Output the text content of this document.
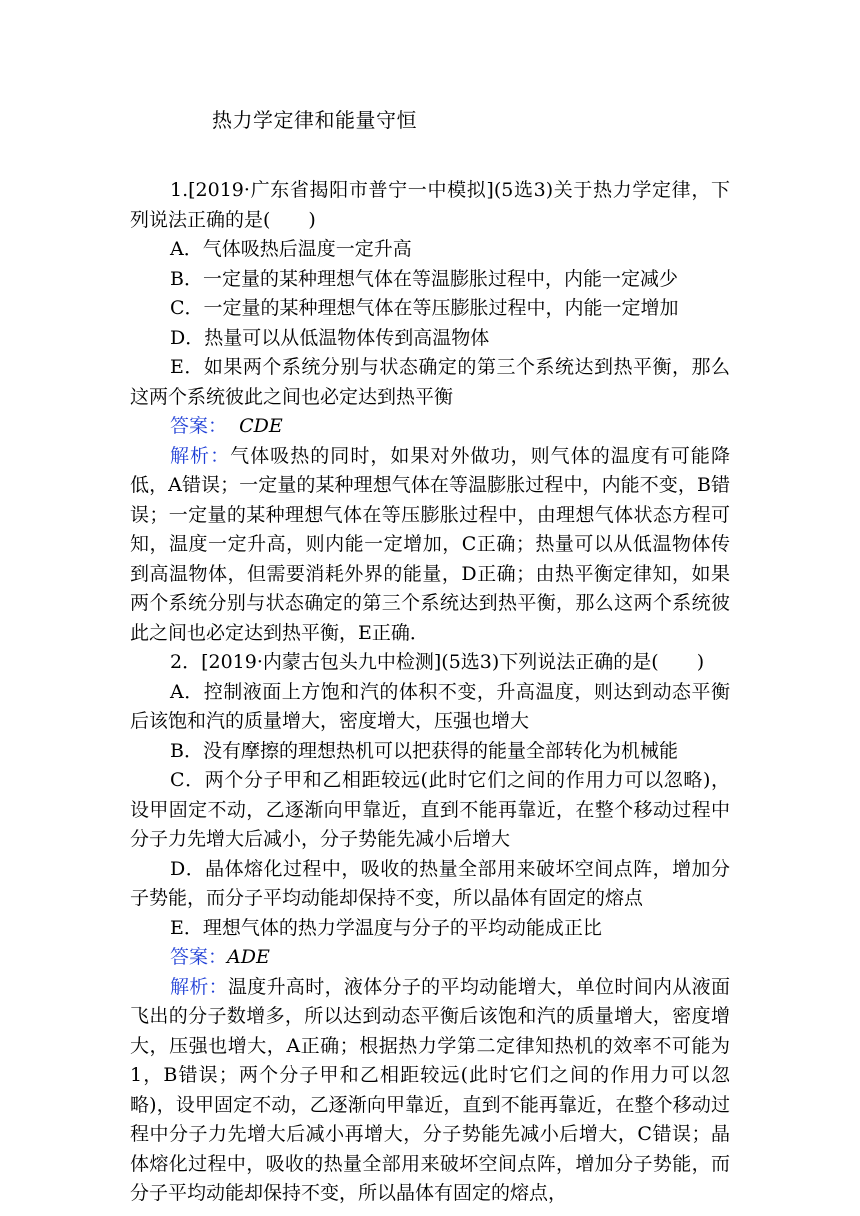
热力学定律和能量守恒

1.[2019·广东省揭阳市普宁一中模拟](5选3)关于热力学定律，下列说法正确的是(　　)

A．气体吸热后温度一定升高

B．一定量的某种理想气体在等温膨胀过程中，内能一定减少

C．一定量的某种理想气体在等压膨胀过程中，内能一定增加

D．热量可以从低温物体传到高温物体

E．如果两个系统分别与状态确定的第三个系统达到热平衡，那么这两个系统彼此之间也必定达到热平衡

答案： CDE

解析：气体吸热的同时，如果对外做功，则气体的温度有可能降低，A错误；一定量的某种理想气体在等温膨胀过程中，内能不变，B错误；一定量的某种理想气体在等压膨胀过程中，由理想气体状态方程可知，温度一定升高，则内能一定增加，C正确；热量可以从低温物体传到高温物体，但需要消耗外界的能量，D正确；由热平衡定律知，如果两个系统分别与状态确定的第三个系统达到热平衡，那么这两个系统彼此之间也必定达到热平衡，E正确．

2．[2019·内蒙古包头九中检测](5选3)下列说法正确的是(　　)

A．控制液面上方饱和汽的体积不变，升高温度，则达到动态平衡后该饱和汽的质量增大，密度增大，压强也增大

B．没有摩擦的理想热机可以把获得的能量全部转化为机械能

C．两个分子甲和乙相距较远(此时它们之间的作用力可以忽略)，设甲固定不动，乙逐渐向甲靠近，直到不能再靠近，在整个移动过程中分子力先增大后减小，分子势能先减小后增大

D．晶体熔化过程中，吸收的热量全部用来破坏空间点阵，增加分子势能，而分子平均动能却保持不变，所以晶体有固定的熔点

E．理想气体的热力学温度与分子的平均动能成正比

答案：ADE

解析：温度升高时，液体分子的平均动能增大，单位时间内从液面飞出的分子数增多，所以达到动态平衡后该饱和汽的质量增大，密度增大，压强也增大，A正确；根据热力学第二定律知热机的效率不可能为1，B错误；两个分子甲和乙相距较远(此时它们之间的作用力可以忽略)，设甲固定不动，乙逐渐向甲靠近，直到不能再靠近，在整个移动过程中分子力先增大后减小再增大，分子势能先减小后增大，C错误；晶体熔化过程中，吸收的热量全部用来破坏空间点阵，增加分子势能，而分子平均动能却保持不变，所以晶体有固定的熔点，
